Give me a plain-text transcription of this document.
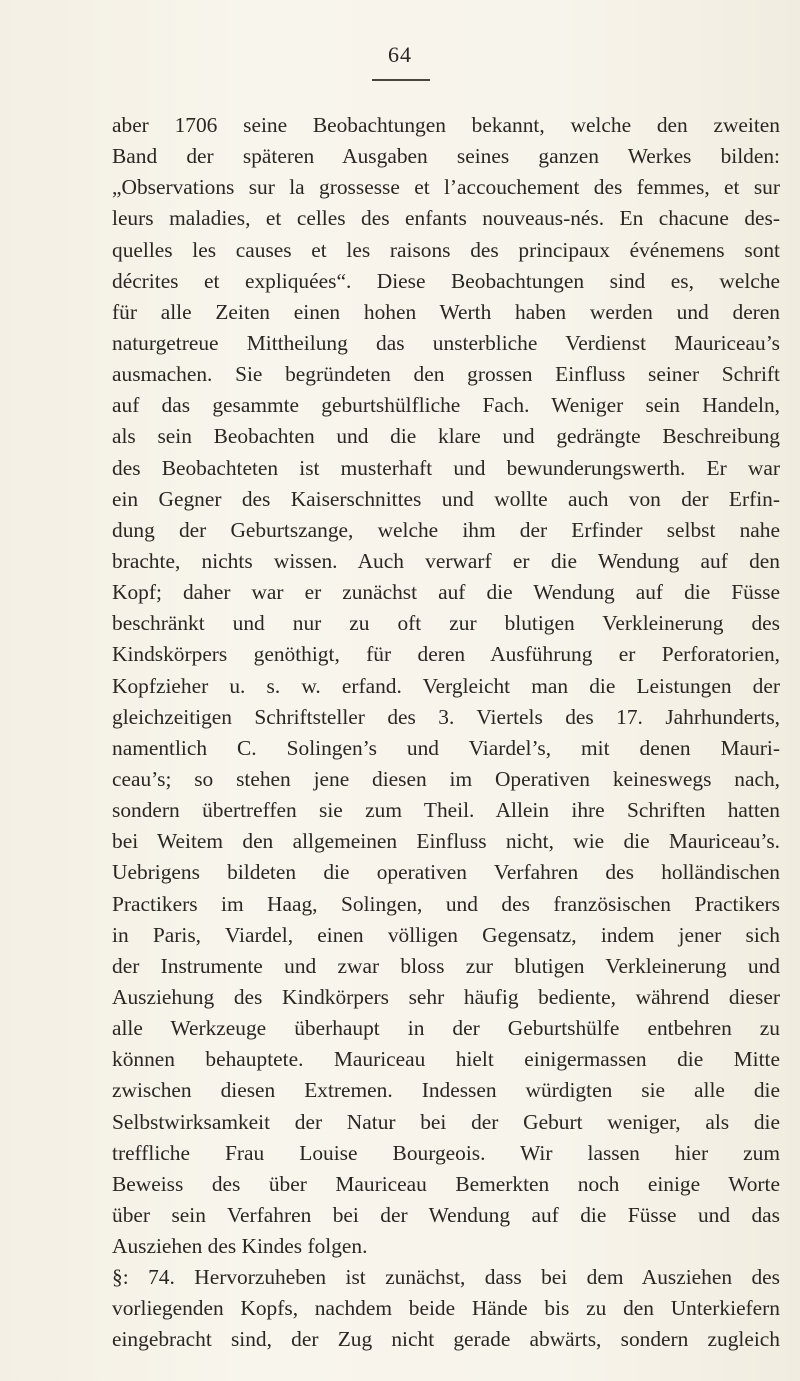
64
aber 1706 seine Beobachtungen bekannt, welche den zweiten
Band der späteren Ausgaben seines ganzen Werkes bilden:
„Observations sur la grossesse et l’accouchement des femmes, et sur
leurs maladies, et celles des enfants nouveaus-nés. En chacune des-
quelles les causes et les raisons des principaux événemens sont
décrites et expliquées“. Diese Beobachtungen sind es, welche
für alle Zeiten einen hohen Werth haben werden und deren
naturgetreue Mittheilung das unsterbliche Verdienst Mauriceau’s
ausmachen. Sie begründeten den grossen Einfluss seiner Schrift
auf das gesammte geburtshülfliche Fach. Weniger sein Handeln,
als sein Beobachten und die klare und gedrängte Beschreibung
des Beobachteten ist musterhaft und bewunderungswerth. Er war
ein Gegner des Kaiserschnittes und wollte auch von der Erfin-
dung der Geburtszange, welche ihm der Erfinder selbst nahe
brachte, nichts wissen. Auch verwarf er die Wendung auf den
Kopf; daher war er zunächst auf die Wendung auf die Füsse
beschränkt und nur zu oft zur blutigen Verkleinerung des
Kindskörpers genöthigt, für deren Ausführung er Perforatorien,
Kopfzieher u. s. w. erfand. Vergleicht man die Leistungen der
gleichzeitigen Schriftsteller des 3. Viertels des 17. Jahrhunderts,
namentlich C. Solingen’s und Viardel’s, mit denen Mauri-
ceau’s; so stehen jene diesen im Operativen keineswegs nach,
sondern übertreffen sie zum Theil. Allein ihre Schriften hatten
bei Weitem den allgemeinen Einfluss nicht, wie die Mauriceau’s.
Uebrigens bildeten die operativen Verfahren des holländischen
Practikers im Haag, Solingen, und des französischen Practikers
in Paris, Viardel, einen völligen Gegensatz, indem jener sich
der Instrumente und zwar bloss zur blutigen Verkleinerung und
Ausziehung des Kindkörpers sehr häufig bediente, während dieser
alle Werkzeuge überhaupt in der Geburtshülfe entbehren zu
können behauptete. Mauriceau hielt einigermassen die Mitte
zwischen diesen Extremen. Indessen würdigten sie alle die
Selbstwirksamkeit der Natur bei der Geburt weniger, als die
treffliche Frau Louise Bourgeois. Wir lassen hier zum
Beweiss des über Mauriceau Bemerkten noch einige Worte
über sein Verfahren bei der Wendung auf die Füsse und das
Ausziehen des Kindes folgen.
§: 74. Hervorzuheben ist zunächst, dass bei dem Ausziehen des
vorliegenden Kopfs, nachdem beide Hände bis zu den Unterkiefern
eingebracht sind, der Zug nicht gerade abwärts, sondern zugleich
